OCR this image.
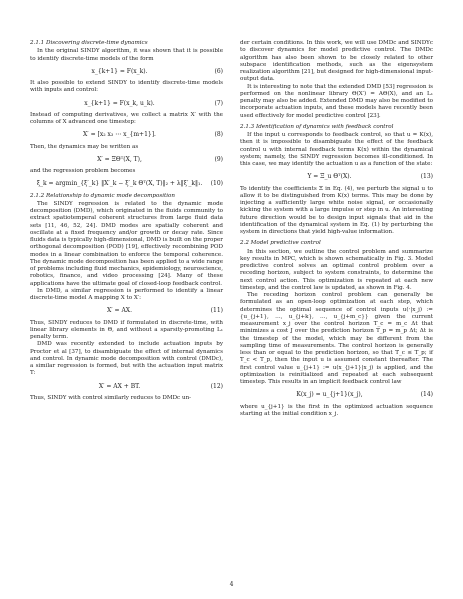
2.1.1 Discovering discrete-time dynamics

In the original SINDY algorithm, it was shown that it is possible to identify discrete-time models of the form

x_{k+1} = F(x_k).	(6)

It also possible to extend SINDY to identify discrete-time models with inputs and control:

x_{k+1} = F(x_k, u_k).	(7)

Instead of computing derivatives, we collect a matrix X′ with the columns of X advanced one timestep:

X′ = [x₂ x₃ ⋯ x_{m+1}].	(8)

Then, the dynamics may be written as

X′ = ΞΘᵀ(X, T),	(9)

and the regression problem becomes

ξ_k = argmin_{ξ′_k} ‖X′_k − ξ′_k Θᵀ(X, T)‖₂ + λ‖ξ′_k‖₁.	(10)
2.1.2 Relationship to dynamic mode decomposition

The SINDY regression is related to the dynamic mode decomposition (DMD), which originated in the fluids community to extract spatiotemperal coherent structures from large fluid data sets [11, 46, 52, 24]. DMD modes are spatially coherent and oscillate at a fixed frequency and/or growth or decay rate. Since fluids data is typically high-dimensional, DMD is built on the proper orthogonal decomposition (POD) [19], effectively recombining POD modes in a linear combination to enforce the temporal coherence. The dynamic mode decomposition has been applied to a wide range of problems including fluid mechanics, epidemiology, neuroscience, robotics, finance, and video processing [24]. Many of these applications have the ultimate goal of closed-loop feedback control.

In DMD, a similar regression is performed to identify a linear discrete-time model A mapping X to X′:

X′ = AX.	(11)

Thus, SINDY reduces to DMD if formulated in discrete-time, with linear library elements in Θ, and without a sparsity-promoting L₁ penalty term.

DMD was recently extended to include actuation inputs by Proctor et al [37], to disambiguate the effect of internal dynamics and control. In dynamic mode decomposition with control (DMDc), a similar regression is formed, but with the actuation input matrix T:

X′ = AX + BT.	(12)

Thus, SINDY with control similarly reduces to DMDc un-

der certain conditions. In this work, we will use DMDc and SINDYc to discover dynamics for model predictive control. The DMDc algorithm has also been shown to be closely related to other subspace identification methods, such as the eigensystem realization algorithm [21], but designed for high-dimensional input-output data.

It is interesting to note that the extended DMD [53] regression is performed on the nonlinear library Θ(X′) = AΘ(X), and an L₁ penalty may also be added. Extended DMD may also be modified to incorporate actuation inputs, and these models have recently been used effectively for model predictive control [23].

2.1.3 Identification of dynamics with feedback control

If the input u corresponds to feedback control, so that u = K(x), then it is impossible to disambiguate the effect of the feedback control u with internal feedback terms K(x) within the dynamical system; namely, the SINDY regression becomes ill-conditioned. In this case, we may identify the actuation u as a function of the state:

Υ = Ξ_u Θᵀ(X).	(13)

To identify the coefficients Ξ in Eq. (4), we perturb the signal u to allow it to be distinguished from K(x) terms. This may be done by injecting a sufficiently large white noise signal, or occasionally kicking the system with a large impulse or step in u. An interesting future direction would be to design input signals that aid in the identification of the dynamical system in Eq. (1) by perturbing the system in directions that yield high-value information.

2.2 Model predictive control

In this section, we outline the control problem and summarize key results in MPC, which is shown schematically in Fig. 3. Model predictive control solves an optimal control problem over a receding horizon, subject to system constraints, to determine the next control action. This optimization is repeated at each new timestep, and the control law is updated, as shown in Fig. 4.

The receding horizon control problem can generally be formulated as an open-loop optimization at each step, which determines the optimal sequence of control inputs u(·|x_j) := {u_{j+1}, …, u_{j+k}, …, u_{j+m_c}} given the current measurement x_j over the control horizon T_c = m_c Δt that minimizes a cost J over the prediction horizon T_p = m_p Δt; Δt is the timestep of the model, which may be different from the sampling time of measurements. The control horizon is generally less than or equal to the prediction horizon, so that T_c ≤ T_p; if T_c < T_p, then the input u is assumed constant thereafter. The first control value u_{j+1} := u(x_{j+1}|x_j) is applied, and the optimization is reinitialized and repeated at each subsequent timestep. This results in an implicit feedback control law

K(x_j) = u_{j+1}(x_j),	(14)

where u_{j+1} is the first in the optimized actuation sequence starting at the initial condition x_j.

4
